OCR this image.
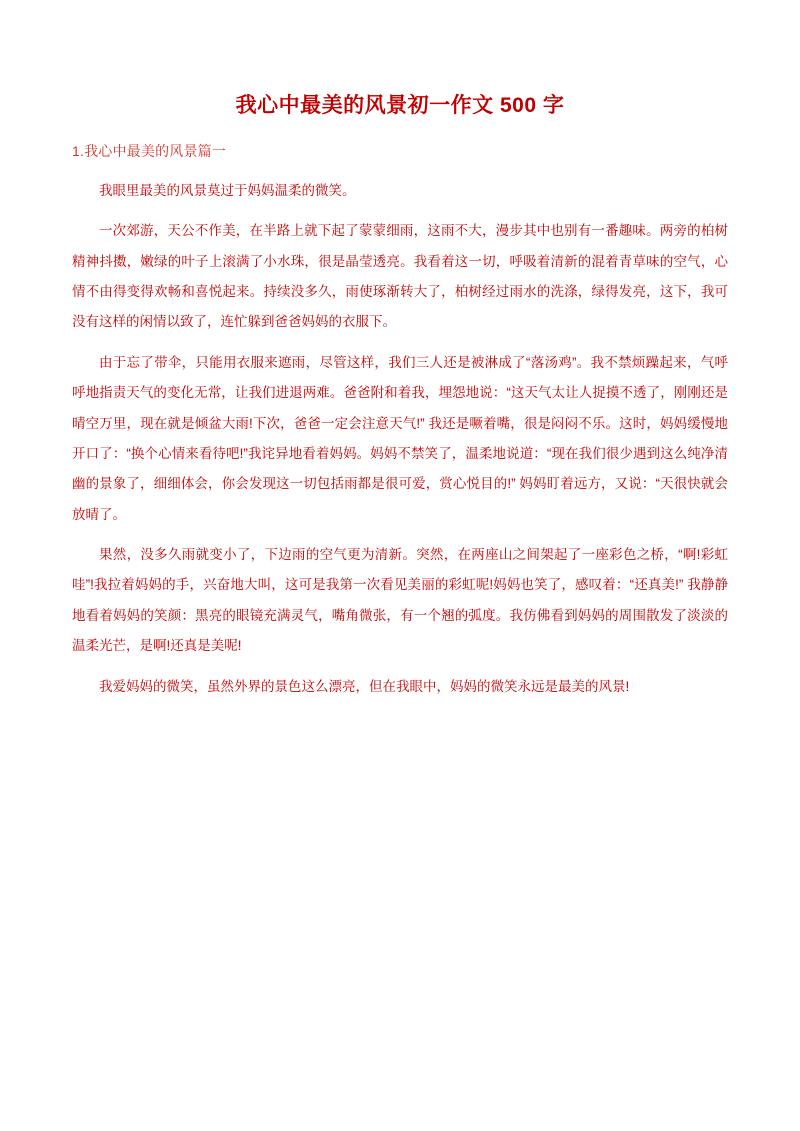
我心中最美的风景初一作文 500 字
1.我心中最美的风景篇一

我眼里最美的风景莫过于妈妈温柔的微笑。

一次郊游，天公不作美，在半路上就下起了蒙蒙细雨，这雨不大，漫步其中也别有一番趣味。两旁的柏树精神抖擞，嫩绿的叶子上滚满了小水珠，很是晶莹透亮。我看着这一切，呼吸着清新的混着青草味的空气，心情不由得变得欢畅和喜悦起来。持续没多久，雨使琢渐转大了，柏树经过雨水的洗涤，绿得发亮，这下，我可没有这样的闲情以致了，连忙躲到爸爸妈妈的衣服下。

由于忘了带伞，只能用衣服来遮雨，尽管这样，我们三人还是被淋成了“落汤鸡”。我不禁烦躁起来，气呼呼地指责天气的变化无常，让我们进退两难。爸爸附和着我，埋怨地说：“这天气太让人捉摸不透了，刚刚还是晴空万里，现在就是倾盆大雨!下次，爸爸一定会注意天气!” 我还是噘着嘴，很是闷闷不乐。这时，妈妈缓慢地开口了：“换个心情来看待吧!”我诧异地看着妈妈。妈妈不禁笑了，温柔地说道：“现在我们很少遇到这么纯净清幽的景象了，细细体会，你会发现这一切包括雨都是很可爱，赏心悦目的!” 妈妈盯着远方，又说：“天很快就会放晴了。

果然，没多久雨就变小了，下边雨的空气更为清新。突然，在两座山之间架起了一座彩色之桥，“啊!彩虹哇”!我拉着妈妈的手，兴奋地大叫，这可是我第一次看见美丽的彩虹呢!妈妈也笑了，感叹着：“还真美!” 我静静地看着妈妈的笑颜：黑亮的眼镜充满灵气，嘴角微张，有一个翘的弧度。我仿佛看到妈妈的周围散发了淡淡的温柔光芒，是啊!还真是美呢!

我爱妈妈的微笑，虽然外界的景色这么漂亮，但在我眼中，妈妈的微笑永远是最美的风景!
